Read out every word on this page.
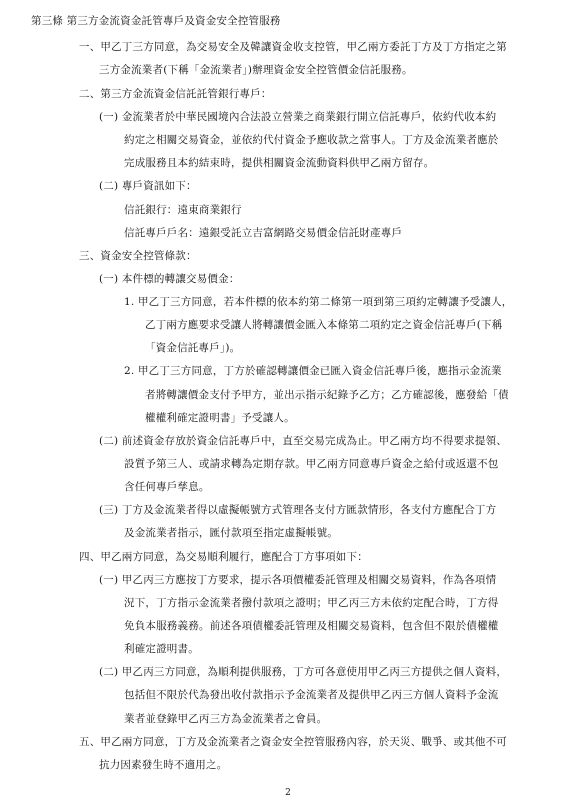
第三條 第三方金流資金託管專戶及資金安全控管服務
一、甲乙丁三方同意，為交易安全及韓讓資金收支控管，甲乙兩方委託丁方及丁方指定之第
三方金流業者(下稱「金流業者」)辦理資金安全控管價金信託服務。
二、第三方金流資金信託託管銀行專戶：
(一) 金流業者於中華民國境內合法設立營業之商業銀行開立信託專戶，依約代收本約
約定之相關交易資金，並依約代付資金予應收款之當事人。丁方及金流業者應於
完成服務且本約結束時，提供相關資金流動資料供甲乙兩方留存。
(二) 專戶資訊如下：
信託銀行：遠東商業銀行
信託專戶戶名：遠銀受託立吉富網路交易價金信託財產專戶
三、資金安全控管條款：
(一) 本件標的轉讓交易價金：
1. 甲乙丁三方同意，若本件標的依本約第二條第一項到第三項約定轉讓予受讓人，
乙丁兩方應要求受讓人將轉讓價金匯入本條第二項約定之資金信託專戶(下稱
「資金信託專戶」)。
2. 甲乙丁三方同意，丁方於確認轉讓價金已匯入資金信託專戶後，應指示金流業
者將轉讓價金支付予甲方，並出示指示紀錄予乙方；乙方確認後，應發給「債
權權利確定證明書」予受讓人。
(二) 前述資金存放於資金信託專戶中，直至交易完成為止。甲乙兩方均不得要求提領、
設質予第三人、或請求轉為定期存款。甲乙兩方同意專戶資金之給付或返還不包
含任何專戶孳息。
(三) 丁方及金流業者得以虛擬帳號方式管理各支付方匯款情形，各支付方應配合丁方
及金流業者指示，匯付款項至指定虛擬帳號。
四、甲乙兩方同意，為交易順利履行，應配合丁方事項如下：
(一) 甲乙丙三方應按丁方要求，提示各項價權委託管理及相關交易資料，作為各項情
況下，丁方指示金流業者撥付款項之證明；甲乙丙三方未依約定配合時，丁方得
免負本服務義務。前述各項債權委託管理及相關交易資料，包含但不限於債權權
利確定證明書。
(二) 甲乙丙三方同意，為順利提供服務，丁方可各意使用甲乙丙三方提供之個人資料，
包括但不限於代為發出收付款指示予金流業者及提供甲乙丙三方個人資料予金流
業者並登錄甲乙丙三方為金流業者之會員。
五、甲乙兩方同意，丁方及金流業者之資金安全控管服務內容，於天災、戰爭、或其他不可
抗力因素發生時不適用之。
2
